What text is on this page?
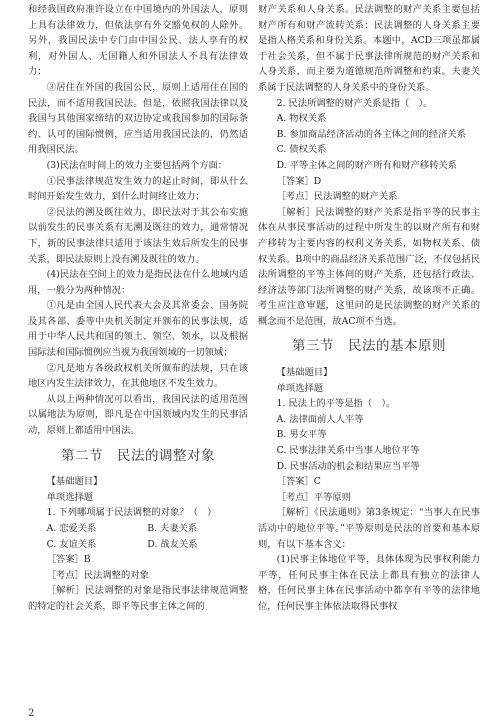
和经我国政府准许设立在中国境内的外国法人，原则上具有法律效力，但依法享有外交豁免权的人除外。另外，我国民法中专门由中国公民、法人享有的权利，对外国人、无国籍人和外国法人不具有法律效力；

③居住在外国的我国公民，原则上适用住在国的民法，而不适用我国民法。但是，依照我国法律以及我国与其他国家缔结的双边协定或我国参加的国际条约、认可的国际惯例，应当适用我国民法的，仍然适用我国民法。

(3)民法在时间上的效力主要包括两个方面：

①民事法律规范发生效力的起止时间，即从什么时间开始发生效力，到什么时间终止效力；

②民法的溯及既往效力，即民法对于其公布实施以前发生的民事关系有无溯及既往的效力，通常情况下，新的民事法律只适用于该法生效后所发生的民事关系，即民法原则上没有溯及既往的效力。

(4)民法在空间上的效力是指民法在什么地域内适用，一般分为两种情况：

①凡是由全国人民代表大会及其常委会、国务院及其各部、委等中央机关制定并颁布的民事法规，适用于中华人民共和国的领土、领空、领水，以及根据国际法和国际惯例应当视为我国领域的一切领域；

②凡是地方各级政权机关所颁布的法规，只在该地区内发生法律效力，在其他地区不发生效力。

从以上两种情况可以看出，我国民法的适用范围以属地法为原则，即凡是在中国领域内发生的民事活动，原则上都适用中国法。

第二节　民法的调整对象

【基础题目】

单项选择题

1. 下列哪项属于民法调整的对象？（　）

A. 恋爱关系	B. 夫妻关系
C. 友谊关系	D. 战友关系

［答案］B

［考点］民法调整的对象

［解析］民法调整的对象是指民事法律规范调整的特定的社会关系，即平等民事主体之间的

财产关系和人身关系。民法调整的财产关系主要包括财产所有和财产流转关系；民法调整的人身关系主要是指人格关系和身份关系。本题中，ACD三项虽都属于社会关系，但不属于民事法律所规范的财产关系和人身关系，而主要为道德规范所调整和约束。夫妻关系属于民法调整的人身关系中的身份关系。

2. 民法所调整的财产关系是指（　）。

A. 物权关系

B. 参加商品经济活动的各主体之间的经济关系

C. 债权关系

D. 平等主体之间的财产所有和财产移转关系

［答案］D

［考点］民法调整的财产关系

［解析］民法调整的财产关系是指平等的民事主体在从事民事活动的过程中所发生的以财产所有和财产移转为主要内容的权利义务关系，如物权关系、债权关系。B项中的商品经济关系范围广泛，不仅包括民法所调整的平等主体间的财产关系，还包括行政法、经济法等部门法所调整的财产关系，故该项不正确。考生应注意审题，这里问的是民法调整的财产关系的概念而不是范围，故AC项不当选。

第三节　民法的基本原则

【基础题目】

单项选择题

1. 民法上的平等是指（　）。

A. 法律面前人人平等

B. 男女平等

C. 民事法律关系中当事人地位平等

D. 民事活动的机会和结果应当平等

［答案］C

［考点］平等原则

［解析］《民法通则》第3条规定：“当事人在民事活动中的地位平等。”平等原则是民法的首要和基本原则，有以下基本含义：

(1)民事主体地位平等，具体体现为民事权利能力平等，任何民事主体在民法上都具有独立的法律人格，任何民事主体在民事活动中都享有平等的法律地位，任何民事主体依法取得民事权

2
